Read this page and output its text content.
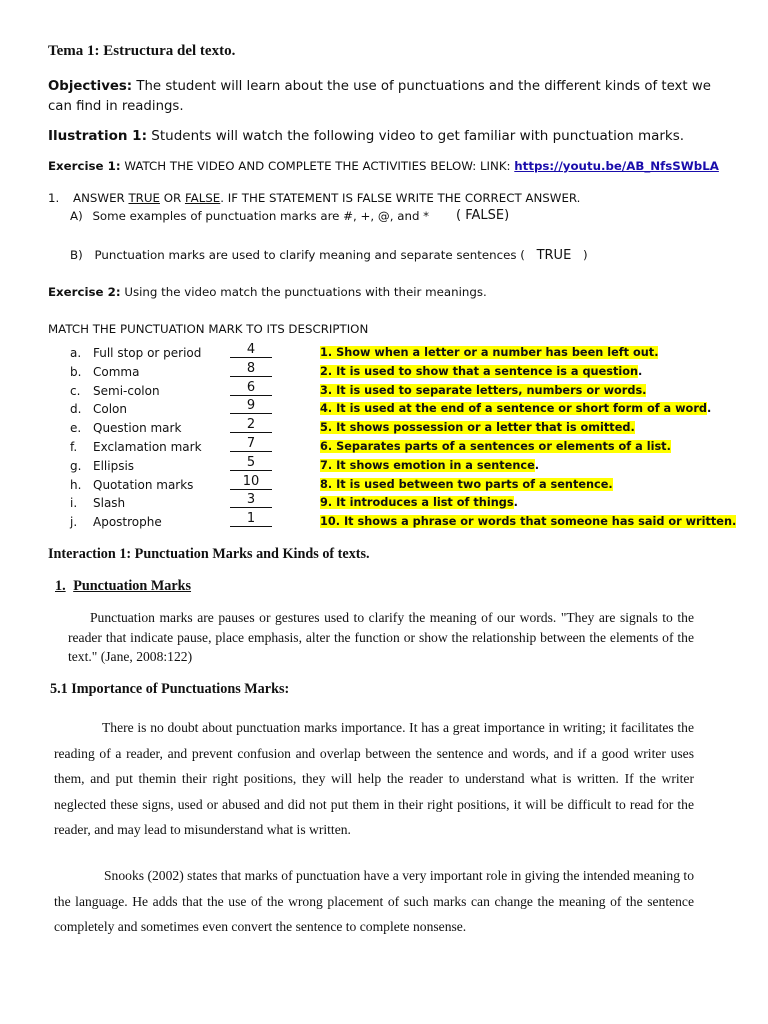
Tema 1: Estructura del texto.
Objectives: The student will learn about the use of punctuations and the different kinds of text we
can find in readings.
Ilustration 1: Students will watch the following video to get familiar with punctuation marks.
Exercise 1: WATCH THE VIDEO AND COMPLETE THE ACTIVITIES BELOW: LINK: https://youtu.be/AB_NfsSWbLA
1. ANSWER TRUE OR FALSE. IF THE STATEMENT IS FALSE WRITE THE CORRECT ANSWER.
A) Some examples of punctuation marks are #, +, @, and * ( FALSE)
B) Punctuation marks are used to clarify meaning and separate sentences ( TRUE )
Exercise 2: Using the video match the punctuations with their meanings.
MATCH THE PUNCTUATION MARK TO ITS DESCRIPTION
a. Full stop or period	4
b. Comma	8
c. Semi-colon	6
d. Colon	9
e. Question mark	2
f. Exclamation mark	7
g. Ellipsis	5
h. Quotation marks	10
i. Slash	3
j. Apostrophe	1
1. Show when a letter or a number has been left out.
2. It is used to show that a sentence is a question.
3. It is used to separate letters, numbers or words.
4. It is used at the end of a sentence or short form of a word.
5. It shows possession or a letter that is omitted.
6. Separates parts of a sentences or elements of a list.
7. It shows emotion in a sentence.
8. It is used between two parts of a sentence.
9. It introduces a list of things.
10. It shows a phrase or words that someone has said or written.
Interaction 1: Punctuation Marks and Kinds of texts.
1. Punctuation Marks
Punctuation marks are pauses or gestures used to clarify the meaning of our words. "They are signals to the reader that indicate pause, place emphasis, alter the function or show the relationship between the elements of the text." (Jane, 2008:122)
5.1 Importance of Punctuations Marks:
There is no doubt about punctuation marks importance. It has a great importance in writing; it facilitates the reading of a reader, and prevent confusion and overlap between the sentence and words, and if a good writer uses them, and put themin their right positions, they will help the reader to understand what is written. If the writer neglected these signs, used or abused and did not put them in their right positions, it will be difficult to read for the reader, and may lead to misunderstand what is written.
Snooks (2002) states that marks of punctuation have a very important role in giving the intended meaning to the language. He adds that the use of the wrong placement of such marks can change the meaning of the sentence completely and sometimes even convert the sentence to complete nonsense.
